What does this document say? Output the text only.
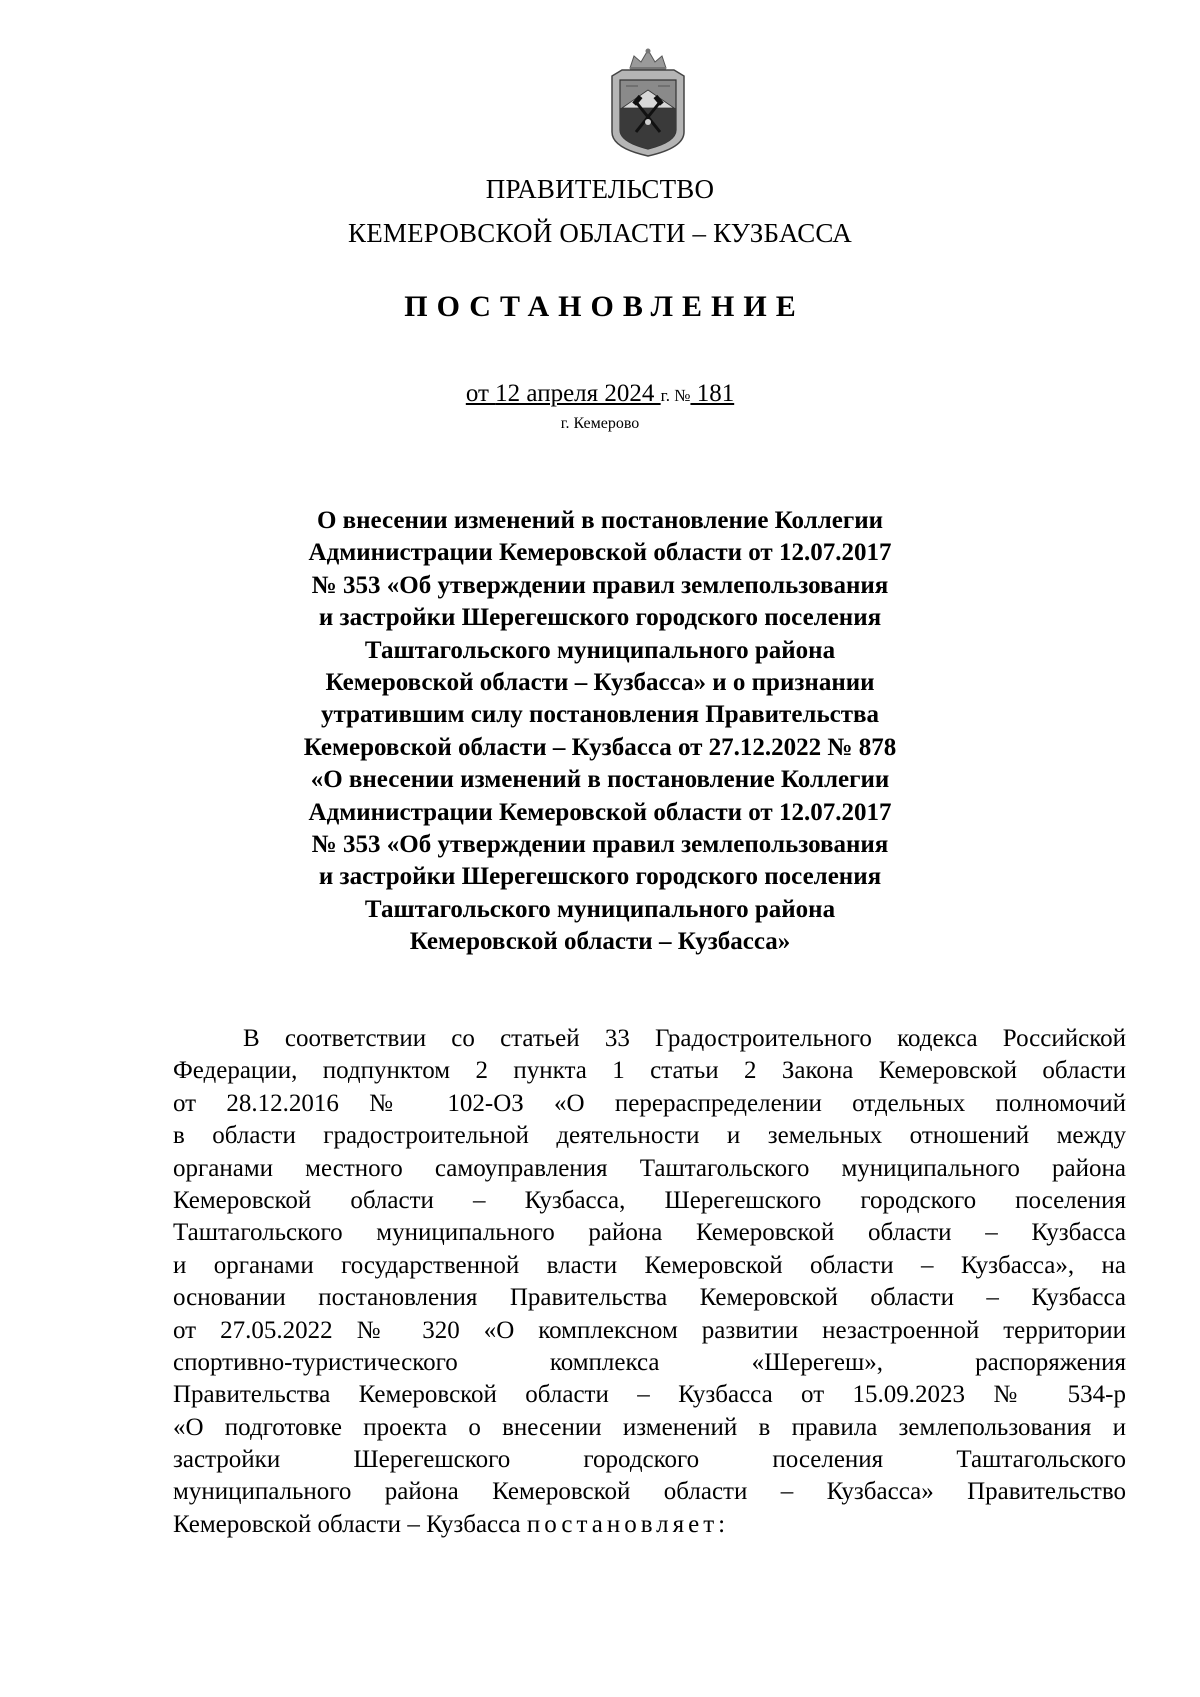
ПРАВИТЕЛЬСТВО
КЕМЕРОВСКОЙ ОБЛАСТИ – КУЗБАССА
ПОСТАНОВЛЕНИЕ
от 12 апреля 2024 г. № 181
г. Кемерово
О внесении изменений в постановление Коллегии
Администрации Кемеровской области от 12.07.2017
№ 353 «Об утверждении правил землепользования
и застройки Шерегешского городского поселения
Таштагольского муниципального района
Кемеровской области – Кузбасса» и о признании
утратившим силу постановления Правительства
Кемеровской области – Кузбасса от 27.12.2022 № 878
«О внесении изменений в постановление Коллегии
Администрации Кемеровской области от 12.07.2017
№ 353 «Об утверждении правил землепользования
и застройки Шерегешского городского поселения
Таштагольского муниципального района
Кемеровской области – Кузбасса»
В соответствии со статьей 33 Градостроительного кодекса Российской
Федерации, подпунктом 2 пункта 1 статьи 2 Закона Кемеровской области
от 28.12.2016 № 102-ОЗ «О перераспределении отдельных полномочий
в области градостроительной деятельности и земельных отношений между
органами местного самоуправления Таштагольского муниципального района
Кемеровской области – Кузбасса, Шерегешского городского поселения
Таштагольского муниципального района Кемеровской области – Кузбасса
и органами государственной власти Кемеровской области – Кузбасса», на
основании постановления Правительства Кемеровской области – Кузбасса
от 27.05.2022 № 320 «О комплексном развитии незастроенной территории
спортивно-туристического комплекса «Шерегеш», распоряжения
Правительства Кемеровской области – Кузбасса от 15.09.2023 № 534-р
«О подготовке проекта о внесении изменений в правила землепользования и
застройки Шерегешского городского поселения Таштагольского
муниципального района Кемеровской области – Кузбасса» Правительство
Кемеровской области – Кузбасса постановляет:
